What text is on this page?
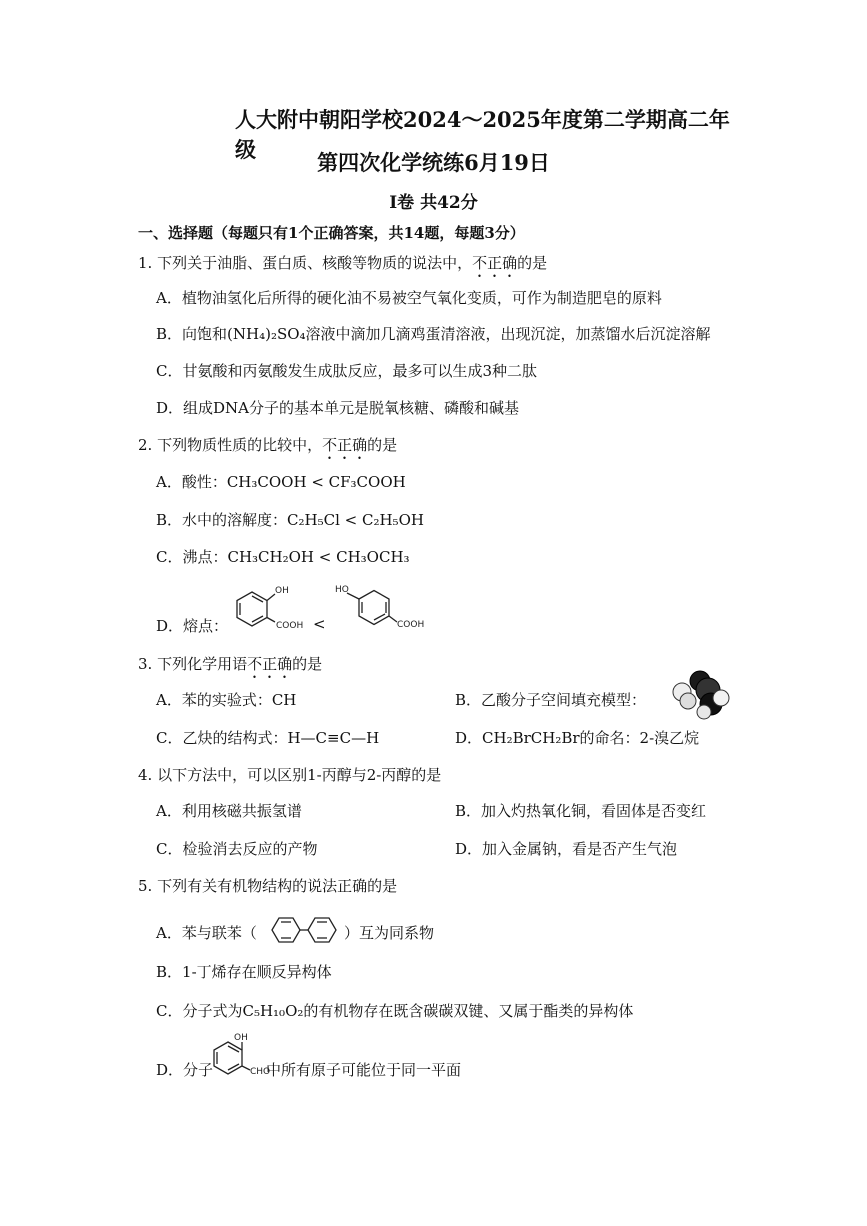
人大附中朝阳学校2024～2025年度第二学期高二年级
第四次化学统练6月19日
I卷 共42分
一、选择题（每题只有1个正确答案，共14题，每题3分）
1. 下列关于油脂、蛋白质、核酸等物质的说法中，不正确的是
A．植物油氢化后所得的硬化油不易被空气氧化变质，可作为制造肥皂的原料
B．向饱和(NH₄)₂SO₄溶液中滴加几滴鸡蛋清溶液，出现沉淀，加蒸馏水后沉淀溶解
C．甘氨酸和丙氨酸发生成肽反应，最多可以生成3种二肽
D．组成DNA分子的基本单元是脱氧核糖、磷酸和碱基
2. 下列物质性质的比较中，不正确的是
A．酸性：CH₃COOH < CF₃COOH
B．水中的溶解度：C₂H₅Cl < C₂H₅OH
C．沸点：CH₃CH₂OH < CH₃OCH₃
D．熔点：
OH
COOH <
HO
COOH
3. 下列化学用语不正确的是
A．苯的实验式：CH	B．乙酸分子空间填充模型：
C．乙炔的结构式：H—C≡C—H	D．CH₂BrCH₂Br的命名：2-溴乙烷
4. 以下方法中，可以区别1-丙醇与2-丙醇的是
A．利用核磁共振氢谱	B．加入灼热氧化铜，看固体是否变红
C．检验消去反应的产物	D．加入金属钠，看是否产生气泡
5. 下列有关有机物结构的说法正确的是
A．苯与联苯（	）互为同系物
B．1-丁烯存在顺反异构体
C．分子式为C₅H₁₀O₂的有机物存在既含碳碳双键、又属于酯类的异构体
D．分子
OH
CHO
中所有原子可能位于同一平面
